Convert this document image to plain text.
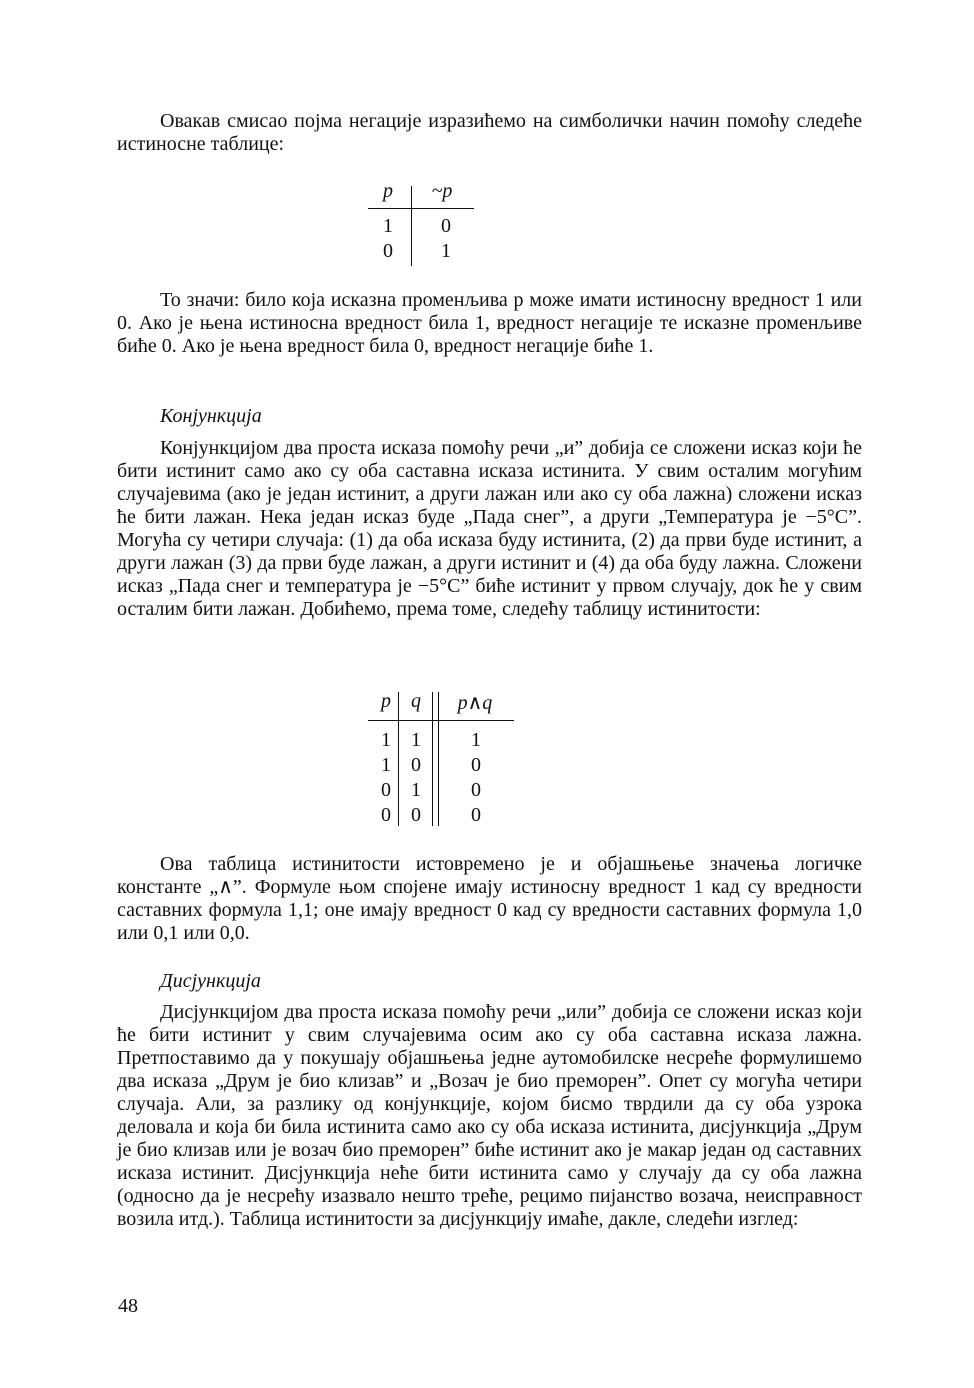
Овакав смисао појма негације изразићемо на симболички начин помоћу следеће истиносне таблице:

p	~p
1 0
0 1

То значи: било која исказна променљива p може имати истиносну вредност 1 или 0. Ако је њена истиносна вредност била 1, вредност негације те исказне променљиве биће 0. Ако је њена вредност била 0, вредност негације биће 1.

Конјункција

Конјункцијом два проста исказа помоћу речи „и” добија се сложени исказ који ће бити истинит само ако су оба саставна исказа истинита. У свим осталим могућим случајевима (ако је један истинит, а други лажан или ако су оба лажна) сложени исказ ће бити лажан. Нека један исказ буде „Пада снег”, а други „Температура је −5°C”. Могућа су четири случаја: (1) да оба исказа буду истинита, (2) да први буде истинит, а други лажан (3) да први буде лажан, а други истинит и (4) да оба буду лажна. Сложени исказ „Пада снег и температура је −5°C” биће истинит у првом случају, док ће у свим осталим бити лажан. Добићемо, према томе, следећу таблицу истинитости:

p q p∧q
1 1	1
1 0	0
0 1	0
0 0	0

Ова таблица истинитости истовремено је и објашњење значења логичке константе „∧”. Формуле њом спојене имају истиносну вредност 1 кад су вредности саставних формула 1,1; оне имају вредност 0 кад су вредности саставних формула 1,0 или 0,1 или 0,0.

Дисјункција

Дисјункцијом два проста исказа помоћу речи „или” добија се сложени исказ који ће бити истинит у свим случајевима осим ако су оба саставна исказа лажна. Претпоставимо да у покушају објашњења једне аутомобилске несреће формулишемо два исказа „Друм је био клизав” и „Возач је био преморен”. Опет су могућа четири случаја. Али, за разлику од конјункције, којом бисмо тврдили да су оба узрока деловала и која би била истинита само ако су оба исказа истинита, дисјункција „Друм је био клизав или је возач био преморен” биће истинит ако је макар један од саставних исказа истинит. Дисјункција неће бити истинита само у случају да су оба лажна (односно да је несрећу изазвало нешто треће, рецимо пијанство возача, неисправност возила итд.). Таблица истинитости за дисјункцију имаће, дакле, следећи изглед:

48
